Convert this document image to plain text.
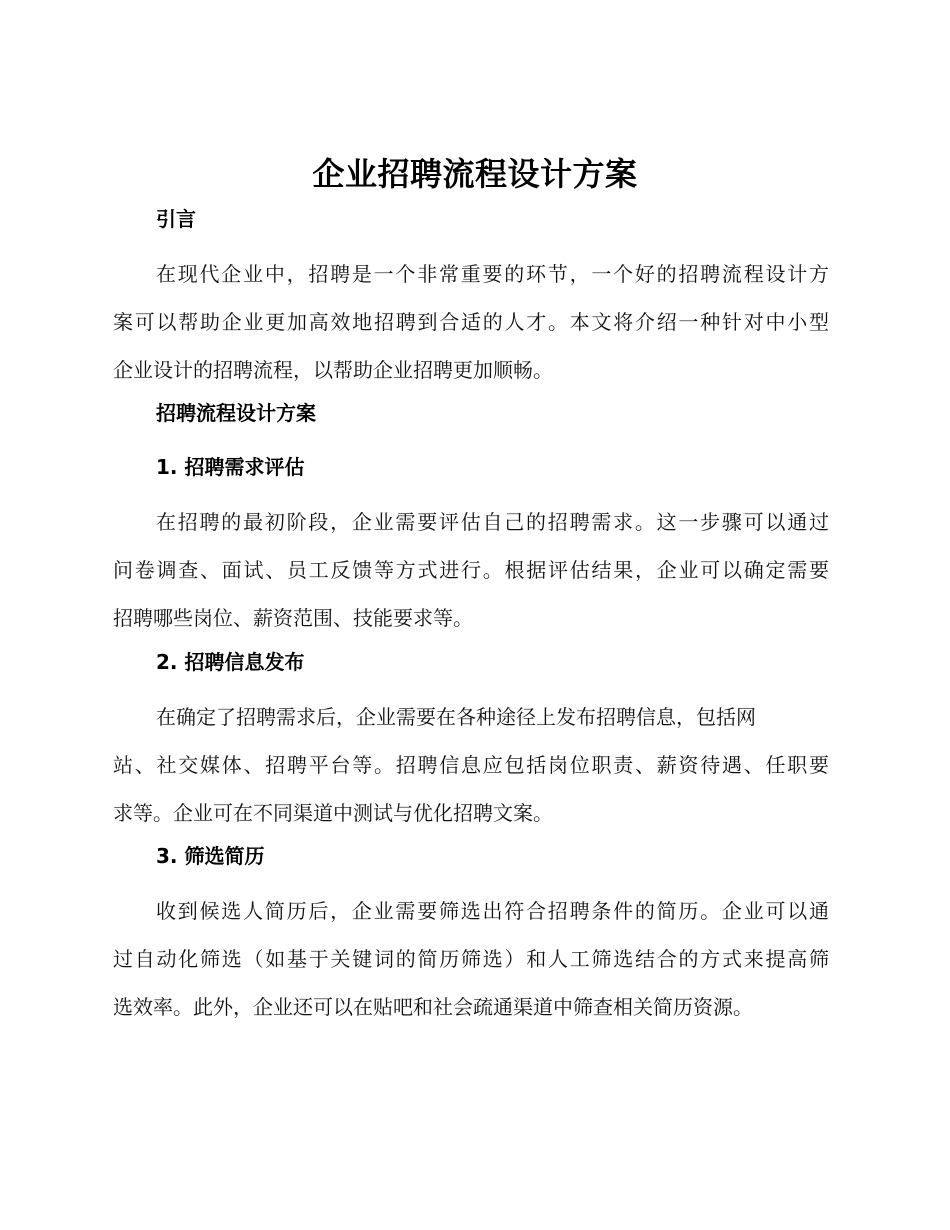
企业招聘流程设计方案
引言
在现代企业中，招聘是一个非常重要的环节，一个好的招聘流程设计方
案可以帮助企业更加高效地招聘到合适的人才。本文将介绍一种针对中小型
企业设计的招聘流程，以帮助企业招聘更加顺畅。
招聘流程设计方案
1. 招聘需求评估
在招聘的最初阶段，企业需要评估自己的招聘需求。这一步骤可以通过
问卷调查、面试、员工反馈等方式进行。根据评估结果，企业可以确定需要
招聘哪些岗位、薪资范围、技能要求等。
2. 招聘信息发布
在确定了招聘需求后，企业需要在各种途径上发布招聘信息，包括网
站、社交媒体、招聘平台等。招聘信息应包括岗位职责、薪资待遇、任职要
求等。企业可在不同渠道中测试与优化招聘文案。
3. 筛选简历
收到候选人简历后，企业需要筛选出符合招聘条件的简历。企业可以通
过自动化筛选（如基于关键词的简历筛选）和人工筛选结合的方式来提高筛
选效率。此外，企业还可以在贴吧和社会疏通渠道中筛查相关简历资源。
